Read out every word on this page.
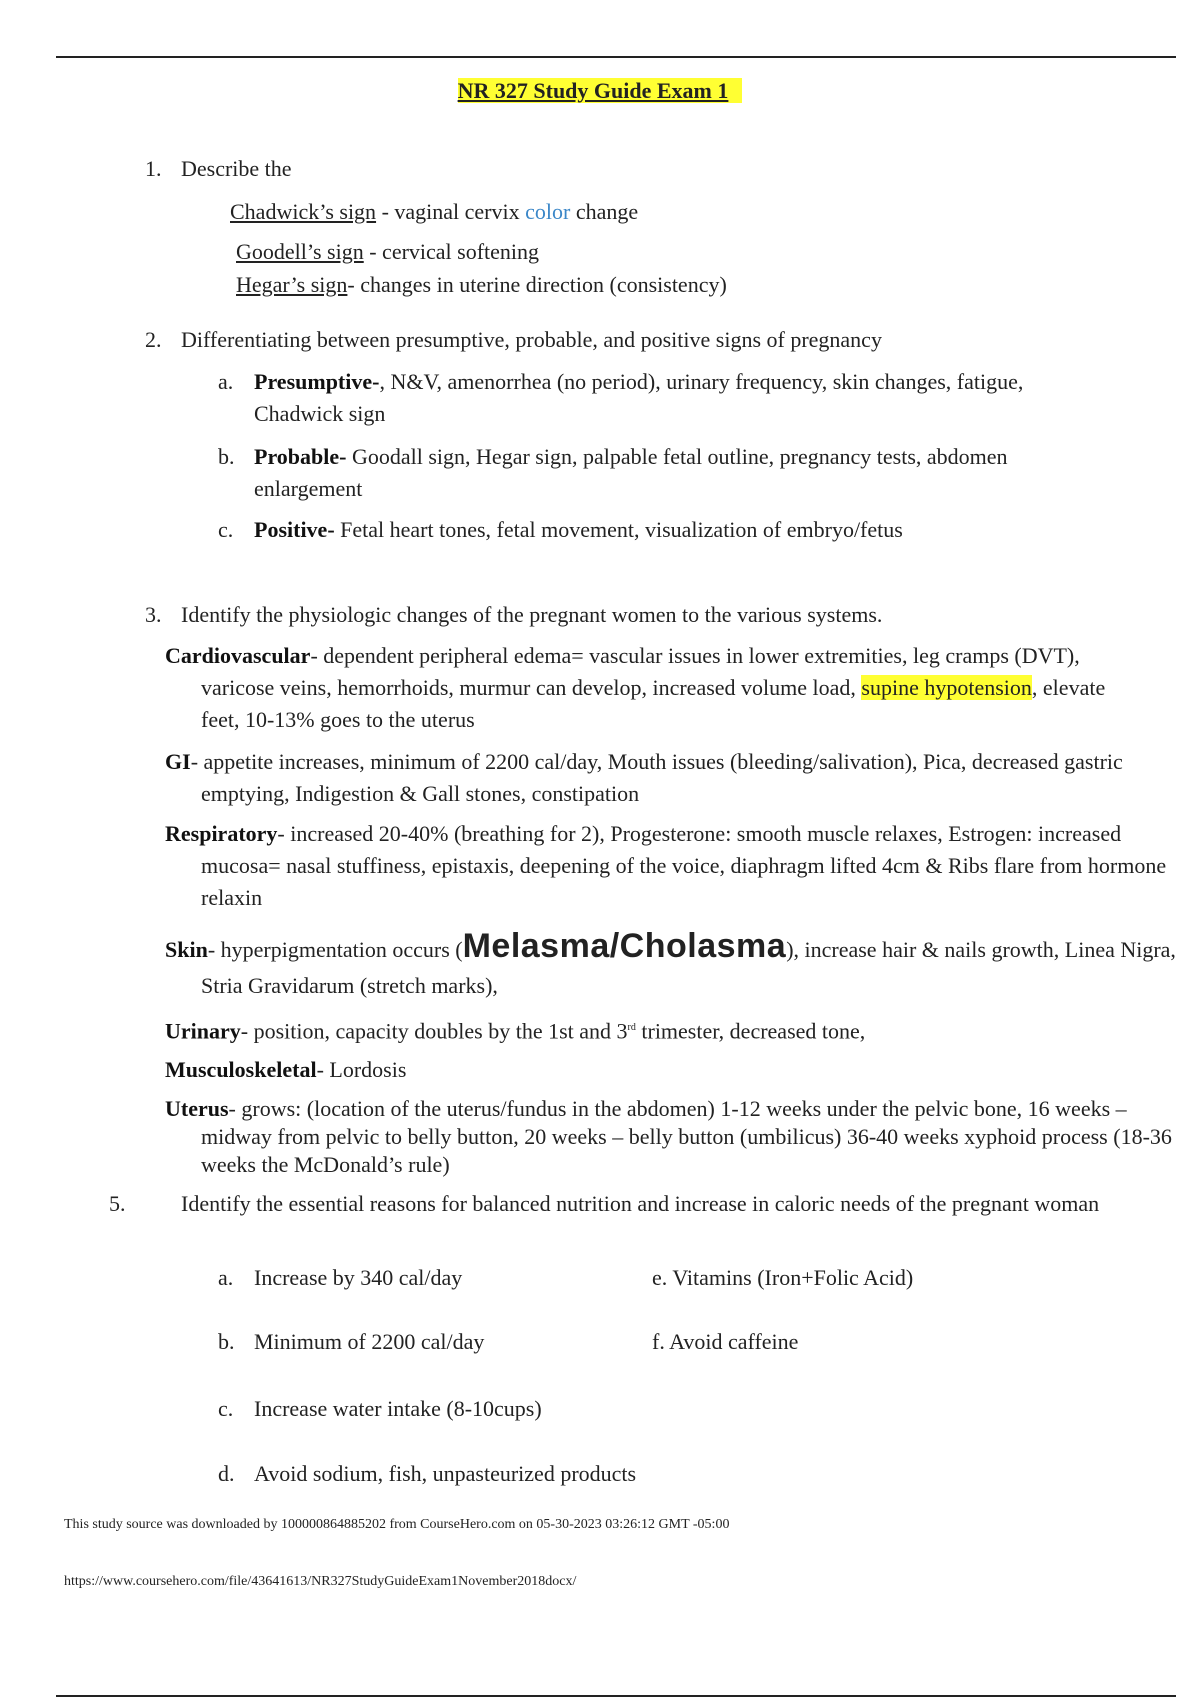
NR 327 Study Guide Exam 1
1. Describe the
Chadwick’s sign - vaginal cervix color change
Goodell’s sign - cervical softening
Hegar’s sign- changes in uterine direction (consistency)
2. Differentiating between presumptive, probable, and positive signs of pregnancy
a. Presumptive-, N&V, amenorrhea (no period), urinary frequency, skin changes, fatigue, Chadwick sign
b. Probable- Goodall sign, Hegar sign, palpable fetal outline, pregnancy tests, abdomen enlargement
c. Positive- Fetal heart tones, fetal movement, visualization of embryo/fetus
3. Identify the physiologic changes of the pregnant women to the various systems.
Cardiovascular- dependent peripheral edema= vascular issues in lower extremities, leg cramps (DVT), varicose veins, hemorrhoids, murmur can develop, increased volume load, supine hypotension, elevate feet, 10-13% goes to the uterus
GI- appetite increases, minimum of 2200 cal/day, Mouth issues (bleeding/salivation), Pica, decreased gastric emptying, Indigestion & Gall stones, constipation
Respiratory- increased 20-40% (breathing for 2), Progesterone: smooth muscle relaxes, Estrogen: increased mucosa= nasal stuffiness, epistaxis, deepening of the voice, diaphragm lifted 4cm & Ribs flare from hormone relaxin
Skin- hyperpigmentation occurs (Melasma/Cholasma), increase hair & nails growth, Linea Nigra, Stria Gravidarum (stretch marks),
Urinary- position, capacity doubles by the 1st and 3rd trimester, decreased tone,
Musculoskeletal- Lordosis
Uterus- grows: (location of the uterus/fundus in the abdomen) 1-12 weeks under the pelvic bone, 16 weeks – midway from pelvic to belly button, 20 weeks – belly button (umbilicus) 36-40 weeks xyphoid process (18-36 weeks the McDonald’s rule)
5.	Identify the essential reasons for balanced nutrition and increase in caloric needs of the pregnant woman
a. Increase by 340 cal/day	e. Vitamins (Iron+Folic Acid)
b. Minimum of 2200 cal/day	f. Avoid caffeine
c. Increase water intake (8-10cups)
d. Avoid sodium, fish, unpasteurized products
This study source was downloaded by 100000864885202 from CourseHero.com on 05-30-2023 03:26:12 GMT -05:00
https://www.coursehero.com/file/43641613/NR327StudyGuideExam1November2018docx/
